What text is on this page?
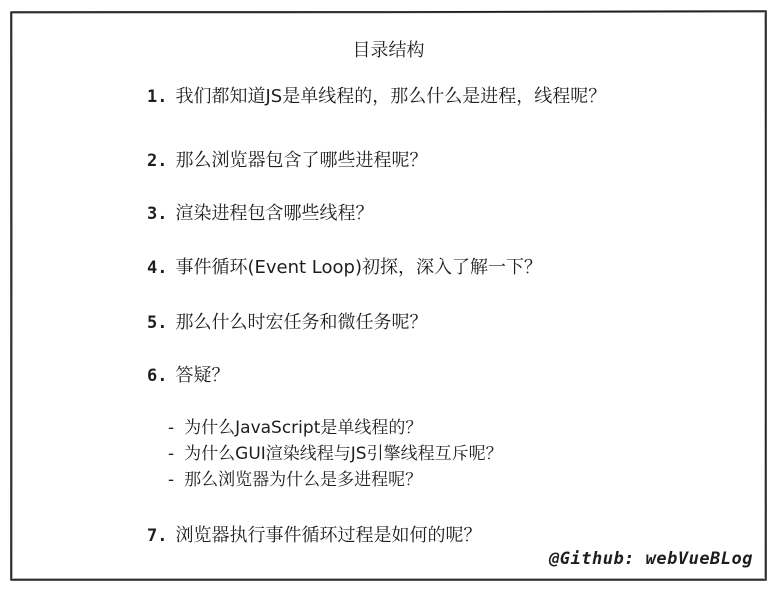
目录结构
1. 我们都知道JS是单线程的，那么什么是进程，线程呢？
2. 那么浏览器包含了哪些进程呢？
3. 渲染进程包含哪些线程？
4. 事件循环(Event Loop)初探，深入了解一下？
5. 那么什么时宏任务和微任务呢？
6. 答疑？
- 为什么JavaScript是单线程的？
- 为什么GUI渲染线程与JS引擎线程互斥呢？
- 那么浏览器为什么是多进程呢？
7. 浏览器执行事件循环过程是如何的呢？
@Github: webVueBLog
